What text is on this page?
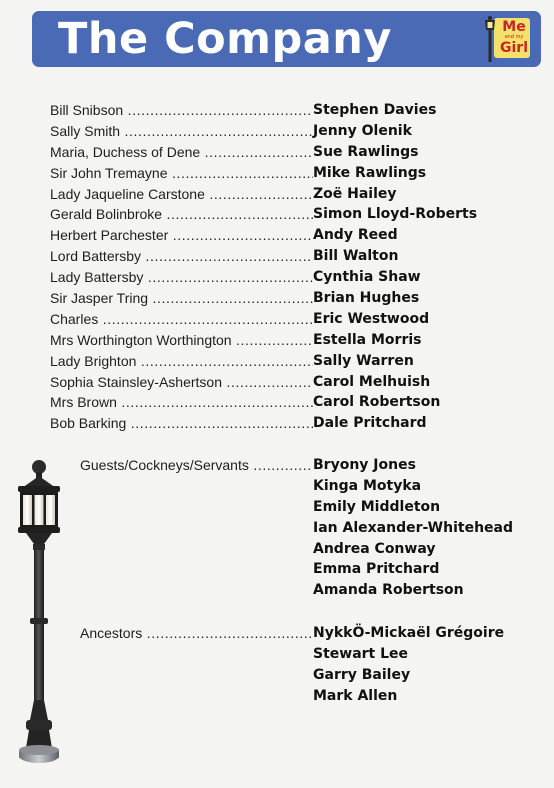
The Company	Me
and my
Girl
Bill Snibson .....	Stephen Davies
Sally Smith .....	Jenny Olenik
Maria, Duchess of Dene .....	Sue Rawlings
Sir John Tremayne .....	Mike Rawlings
Lady Jaqueline Carstone .....	Zoë Hailey
Gerald Bolinbroke .....	Simon Lloyd-Roberts
Herbert Parchester .....	Andy Reed
Lord Battersby .....	Bill Walton
Lady Battersby .....	Cynthia Shaw
Sir Jasper Tring .....	Brian Hughes
Charles .....	Eric Westwood
Mrs Worthington Worthington .....	Estella Morris
Lady Brighton .....	Sally Warren
Sophia Stainsley-Ashertson .....	Carol Melhuish
Mrs Brown .....	Carol Robertson
Bob Barking .....	Dale Pritchard
Guests/Cockneys/Servants .....	Bryony Jones
Kinga Motyka
Emily Middleton
Ian Alexander-Whitehead
Andrea Conway
Emma Pritchard
Amanda Robertson
Ancestors .....	NykkÖ-Mickaël Grégoire
Stewart Lee
Garry Bailey
Mark Allen
